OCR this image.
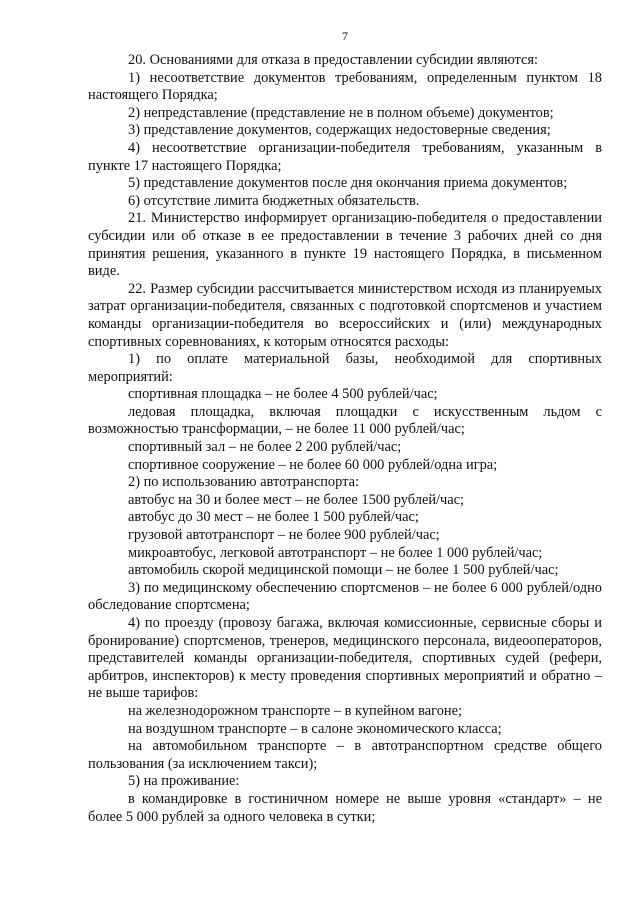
7

20. Основаниями для отказа в предоставлении субсидии являются:

1) несоответствие документов требованиям, определенным пунктом 18 настоящего Порядка;

2) непредставление (представление не в полном объеме) документов;

3) представление документов, содержащих недостоверные сведения;

4) несоответствие организации-победителя требованиям, указанным в пункте 17 настоящего Порядка;

5) представление документов после дня окончания приема документов;

6) отсутствие лимита бюджетных обязательств.

21. Министерство информирует организацию-победителя о предоставлении субсидии или об отказе в ее предоставлении в течение 3 рабочих дней со дня принятия решения, указанного в пункте 19 настоящего Порядка, в письменном виде.

22. Размер субсидии рассчитывается министерством исходя из планируемых затрат организации-победителя, связанных с подготовкой спортсменов и участием команды организации-победителя во всероссийских и (или) международных спортивных соревнованиях, к которым относятся расходы:

1) по оплате материальной базы, необходимой для спортивных мероприятий:

спортивная площадка – не более 4 500 рублей/час;

ледовая площадка, включая площадки с искусственным льдом с возможностью трансформации, – не более 11 000 рублей/час;

спортивный зал – не более 2 200 рублей/час;

спортивное сооружение – не более 60 000 рублей/одна игра;

2) по использованию автотранспорта:

автобус на 30 и более мест – не более 1500 рублей/час;

автобус до 30 мест – не более 1 500 рублей/час;

грузовой автотранспорт – не более 900 рублей/час;

микроавтобус, легковой автотранспорт – не более 1 000 рублей/час;

автомобиль скорой медицинской помощи – не более 1 500 рублей/час;

3) по медицинскому обеспечению спортсменов – не более 6 000 рублей/одно обследование спортсмена;

4) по проезду (провозу багажа, включая комиссионные, сервисные сборы и бронирование) спортсменов, тренеров, медицинского персонала, видеооператоров, представителей команды организации-победителя, спортивных судей (рефери, арбитров, инспекторов) к месту проведения спортивных мероприятий и обратно – не выше тарифов:

на железнодорожном транспорте – в купейном вагоне;

на воздушном транспорте – в салоне экономического класса;

на автомобильном транспорте – в автотранспортном средстве общего пользования (за исключением такси);

5) на проживание:

в командировке в гостиничном номере не выше уровня «стандарт» – не более 5 000 рублей за одного человека в сутки;
